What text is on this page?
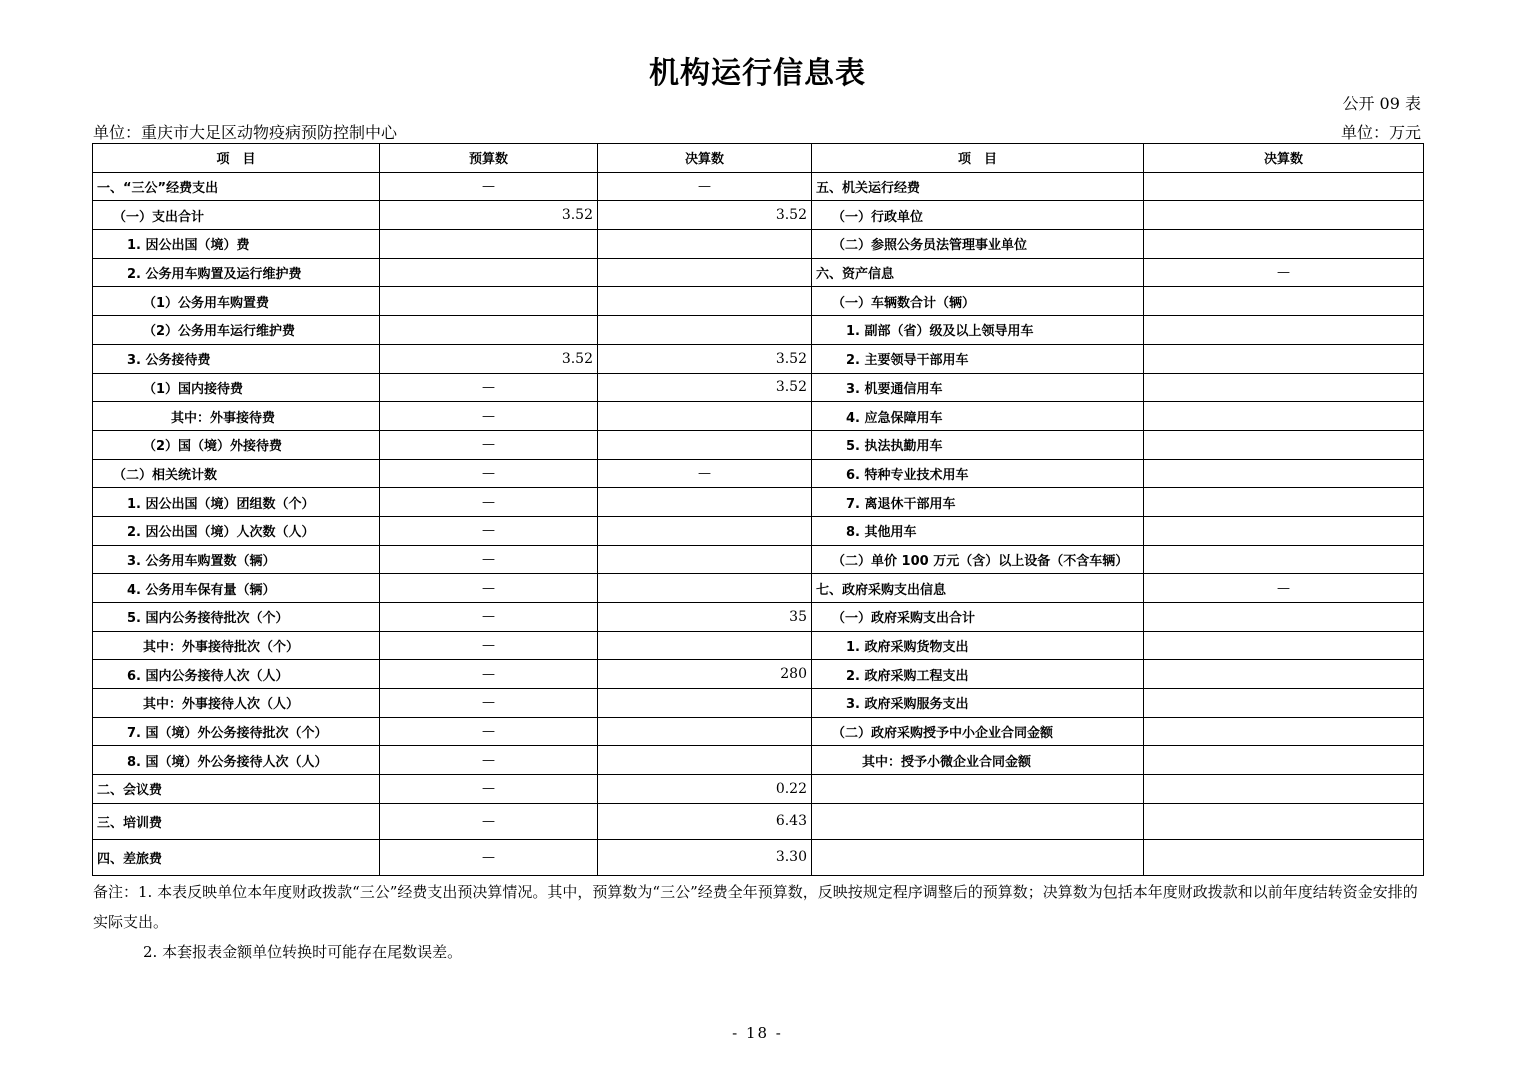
机构运行信息表
公开 09 表
单位：重庆市大足区动物疫病预防控制中心	单位：万元
项　目	预算数	决算数	项　目	决算数
一、“三公”经费支出	—	—	五、机关运行经费	
（一）支出合计	3.52	3.52	（一）行政单位	
1. 因公出国（境）费			（二）参照公务员法管理事业单位	
2. 公务用车购置及运行维护费			六、资产信息	—
（1）公务用车购置费			（一）车辆数合计（辆）	
（2）公务用车运行维护费			1. 副部（省）级及以上领导用车	
3. 公务接待费	3.52	3.52	2. 主要领导干部用车	
（1）国内接待费	—	3.52	3. 机要通信用车	
其中：外事接待费	—		4. 应急保障用车	
（2）国（境）外接待费	—		5. 执法执勤用车	
（二）相关统计数	—	—	6. 特种专业技术用车	
1. 因公出国（境）团组数（个）	—		7. 离退休干部用车	
2. 因公出国（境）人次数（人）	—		8. 其他用车	
3. 公务用车购置数（辆）	—		（二）单价 100 万元（含）以上设备（不含车辆）	
4. 公务用车保有量（辆）	—		七、政府采购支出信息	—
5. 国内公务接待批次（个）	—	35	（一）政府采购支出合计	
其中：外事接待批次（个）	—		1. 政府采购货物支出	
6. 国内公务接待人次（人）	—	280	2. 政府采购工程支出	
其中：外事接待人次（人）	—		3. 政府采购服务支出	
7. 国（境）外公务接待批次（个）	—		（二）政府采购授予中小企业合同金额	
8. 国（境）外公务接待人次（人）	—		其中：授予小微企业合同金额	
二、会议费	—	0.22		
三、培训费	—	6.43		
四、差旅费	—	3.30		

备注：1. 本表反映单位本年度财政拨款“三公”经费支出预决算情况。其中，预算数为“三公”经费全年预算数，反映按规定程序调整后的预算数；决算数为包括本年度财政拨款和以前年度结转资金安排的实际支出。

2. 本套报表金额单位转换时可能存在尾数误差。

- 18 -
